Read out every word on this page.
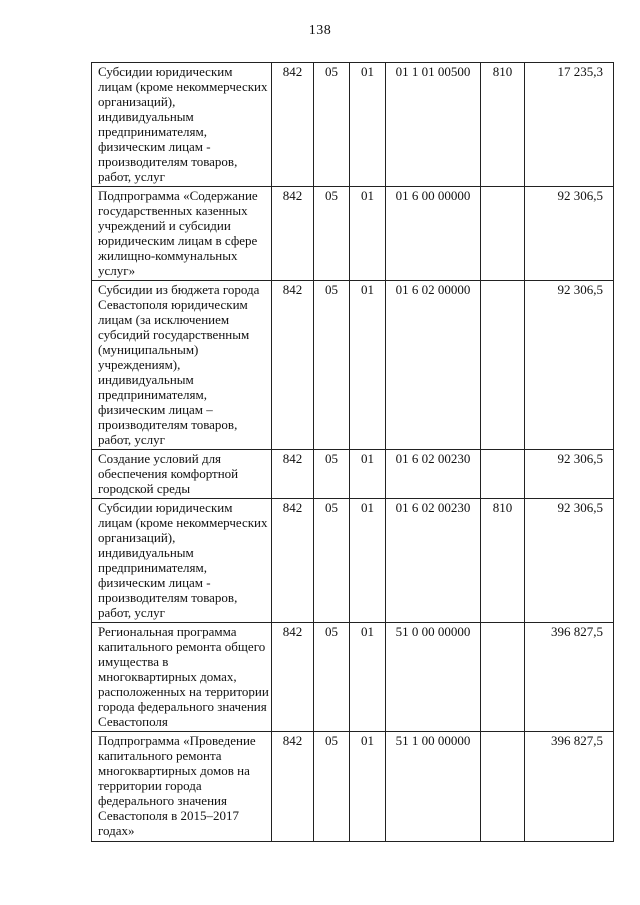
138
Субсидии юридическим лицам (кроме некоммерческих организаций), индивидуальным предпринимателям, физическим лицам - производителям товаров, работ, услуг	842	05	01	01 1 01 00500	810	17 235,3
Подпрограмма «Содержание государственных казенных учреждений и субсидии юридическим лицам в сфере жилищно-коммунальных услуг»	842	05	01	01 6 00 00000		92 306,5
Субсидии из бюджета города Севастополя юридическим лицам (за исключением субсидий государственным (муниципальным) учреждениям), индивидуальным предпринимателям, физическим лицам – производителям товаров, работ, услуг	842	05	01	01 6 02 00000		92 306,5
Создание условий для обеспечения комфортной городской среды	842	05	01	01 6 02 00230		92 306,5
Субсидии юридическим лицам (кроме некоммерческих организаций), индивидуальным предпринимателям, физическим лицам - производителям товаров, работ, услуг	842	05	01	01 6 02 00230	810	92 306,5
Региональная программа капитального ремонта общего имущества в многоквартирных домах, расположенных на территории города федерального значения Севастополя	842	05	01	51 0 00 00000		396 827,5
Подпрограмма «Проведение капитального ремонта многоквартирных домов на территории города федерального значения Севастополя в 2015–2017 годах»	842	05	01	51 1 00 00000		396 827,5
